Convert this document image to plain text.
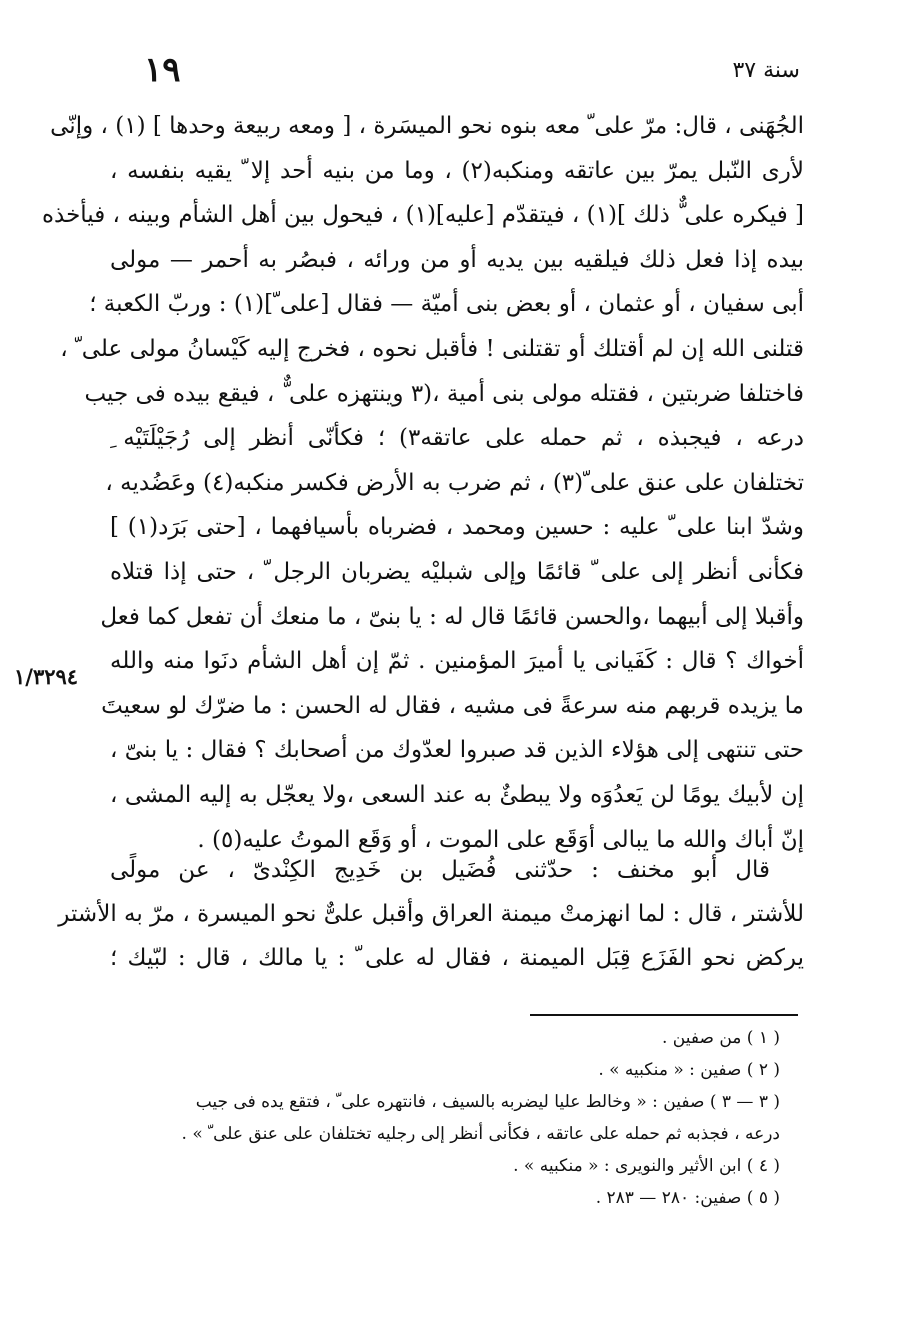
١٩	سنة ٣٧
١/٣٢٩٤
الجُهَنى ، قال: مرّ على ّ معه بنوه نحو الميسَرة ، [ ومعه ربيعة وحدها ] (١) ، وإنّى
لأرى النّبل يمرّ بين عاتقه ومنكبه(٢) ، وما من بنيه أحد إلا ّ يقيه بنفسه ،
[ فيكره على ٌّ ذلك ](١) ، فيتقدّم [عليه](١) ، فيحول بين أهل الشأم وبينه ، فيأخذه
بيده إذا فعل ذلك فيلقيه بين يديه أو من ورائه ، فبصُر به أحمر — مولى
أبى سفيان ، أو عثمان ، أو بعض بنى أميّة — فقال [على ّ](١) : وربّ الكعبة ؛
قتلنى الله إن لم أقتلك أو تقتلنى ! فأقبل نحوه ، فخرج إليه كَيْسانُ مولى على ّ ،
فاختلفا ضربتين ، فقتله مولى بنى أمية ،(٣ وينتهزه على ٌّ ، فيقع بيده فى جيب
درعه ، فيجبذه ، ثم حمله على عاتقه٣) ؛ فكأنّى أنظر إلى رُجَيْلَتَيْه ِ
تختلفان على عنق على ّ(٣) ، ثم ضرب به الأرض فكسر منكبه(٤) وعَضُديه ،
وشدّ ابنا على ّ عليه : حسين ومحمد ، فضرباه بأسيافهما ، [حتى بَرَد(١) ]
فكأنى أنظر إلى على ّ قائمًا وإلى شبليْه يضربان الرجل ّ ، حتى إذا قتلاه
وأقبلا إلى أبيهما ،والحسن قائمًا قال له : يا بنىّ ، ما منعك أن تفعل كما فعل
أخواك ؟ قال : كَفَيانى يا أميرَ المؤمنين . ثمّ إن أهل الشأم دنَوا منه والله
ما يزيده قربهم منه سرعةً فى مشيه ، فقال له الحسن : ما ضرّك لو سعيتَ
حتى تنتهى إلى هؤلاء الذين قد صبروا لعدّوك من أصحابك ؟ فقال : يا بنىّ ،
إن لأبيك يومًا لن يَعدُوَه ولا يبطئٌ به عند السعى ،ولا يعجّل به إليه المشى ،
إنّ أباك والله ما يبالى أوَقَع على الموت ، أو وَقَع الموتُ عليه(٥) .
قال أبو مخنف : حدّثنى فُضَيل بن خَدِيج الكِنْدىّ ، عن مولًى
للأشتر ، قال : لما انهزمتْ ميمنة العراق وأقبل علىٌّ نحو الميسرة ، مرّ به الأشتر
يركض نحو الفَزَع قِبَل الميمنة ، فقال له على ّ : يا مالك ، قال : لبّيك ؛
( ١ ) من صفين .
( ٢ ) صفين : « منكبيه » .
( ٣ — ٣ ) صفين : « وخالط عليا ليضربه بالسيف ، فانتهره على ّ ، فتقع يده فى جيب
درعه ، فجذبه ثم حمله على عاتقه ، فكأنى أنظر إلى رجليه تختلفان على عنق على ّ » .
( ٤ ) ابن الأثير والنويرى : « منكبيه » .
( ٥ ) صفين: ٢٨٠ — ٢٨٣ .
